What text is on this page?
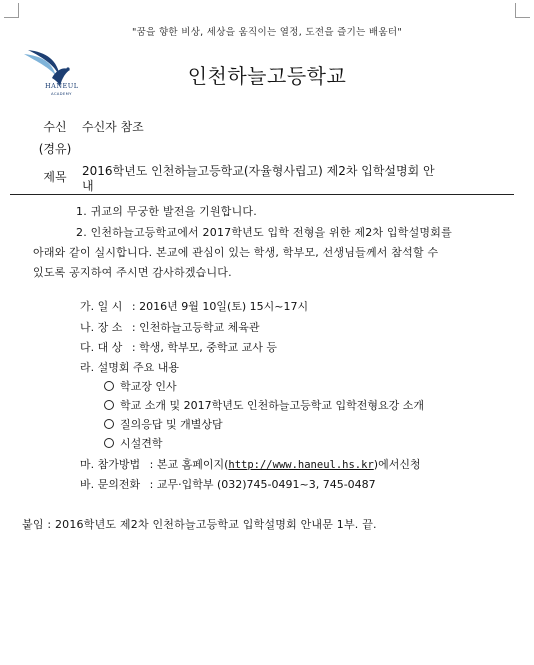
"꿈을 향한 비상, 세상을 움직이는 열정, 도전을 즐기는 배움터"
HANEUL
ACADEMY
인천하늘고등학교
수신	수신자 참조
(경유)
제목	2016학년도 인천하늘고등학교(자율형사립고) 제2차 입학설명회 안
내
1. 귀교의 무궁한 발전을 기원합니다.
2. 인천하늘고등학교에서 2017학년도 입학 전형을 위한 제2차 입학설명회를
아래와 같이 실시합니다. 본교에 관심이 있는 학생, 학부모, 선생님들께서 참석할 수
있도록 공지하여 주시면 감사하겠습니다.
가. 일 시 : 2016년 9월 10일(토) 15시~17시
나. 장 소 : 인천하늘고등학교 체육관
다. 대 상 : 학생, 학부모, 중학교 교사 등
라. 설명회 주요 내용
학교장 인사
학교 소개 및 2017학년도 인천하늘고등학교 입학전형요강 소개
질의응답 및 개별상담
시설견학
마. 참가방법 : 본교 홈페이지(http://www.haneul.hs.kr)에서신청
바. 문의전화 : 교무·입학부 (032)745-0491~3, 745-0487
붙임 : 2016학년도 제2차 인천하늘고등학교 입학설명회 안내문 1부. 끝.
